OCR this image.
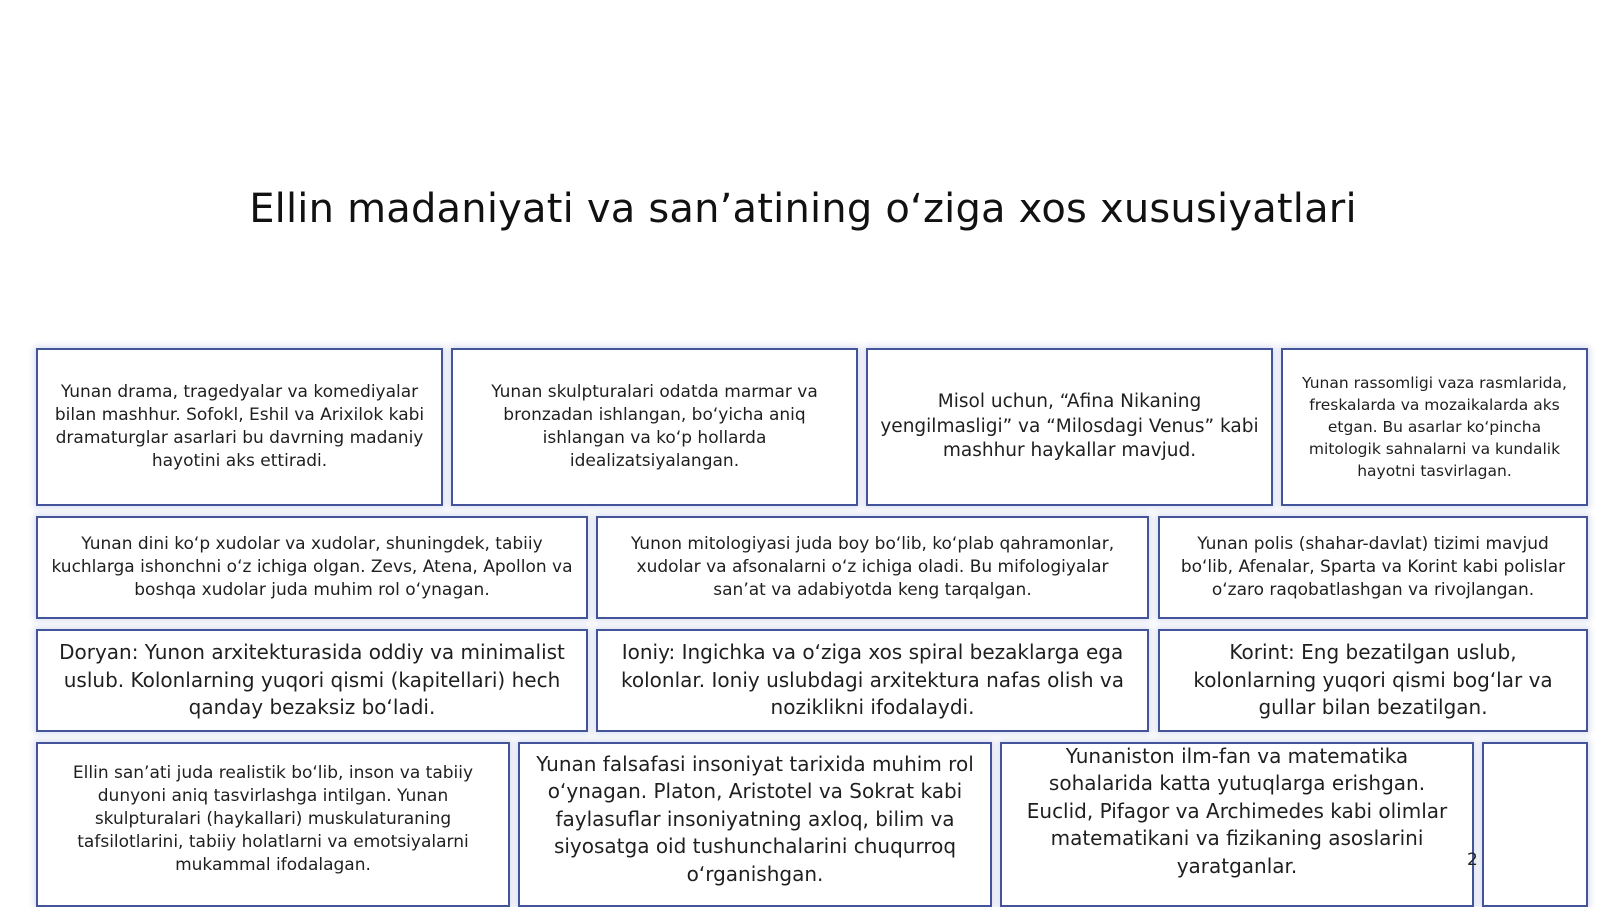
Ellin madaniyati va san’atining oʻziga xos xususiyatlari
Yunan drama, tragedyalar va komediyalar bilan mashhur. Sofokl, Eshil va Arixilok kabi dramaturglar asarlari bu davrning madaniy hayotini aks ettiradi.
Yunan skulpturalari odatda marmar va bronzadan ishlangan, boʻyicha aniq ishlangan va koʻp hollarda idealizatsiyalangan.
Misol uchun, “Afina Nikaning yengilmasligi” va “Milosdagi Venus” kabi mashhur haykallar mavjud.
Yunan rassomligi vaza rasmlarida, freskalarda va mozaikalarda aks etgan. Bu asarlar koʻpincha mitologik sahnalarni va kundalik hayotni tasvirlagan.
Yunan dini koʻp xudolar va xudolar, shuningdek, tabiiy kuchlarga ishonchni oʻz ichiga olgan. Zevs, Atena, Apollon va boshqa xudolar juda muhim rol oʻynagan.
Yunon mitologiyasi juda boy boʻlib, koʻplab qahramonlar, xudolar va afsonalarni oʻz ichiga oladi. Bu mifologiyalar san’at va adabiyotda keng tarqalgan.
Yunan polis (shahar-davlat) tizimi mavjud boʻlib, Afenalar, Sparta va Korint kabi polislar oʻzaro raqobatlashgan va rivojlangan.
Doryan: Yunon arxitekturasida oddiy va minimalist uslub. Kolonlarning yuqori qismi (kapitellari) hech qanday bezaksiz boʻladi.
Ioniy: Ingichka va oʻziga xos spiral bezaklarga ega kolonlar. Ioniy uslubdagi arxitektura nafas olish va noziklikni ifodalaydi.
Korint: Eng bezatilgan uslub, kolonlarning yuqori qismi bogʻlar va gullar bilan bezatilgan.
Ellin san’ati juda realistik boʻlib, inson va tabiiy dunyoni aniq tasvirlashga intilgan. Yunan skulpturalari (haykallari) muskulaturaning tafsilotlarini, tabiiy holatlarni va emotsiyalarni mukammal ifodalagan.
Yunan falsafasi insoniyat tarixida muhim rol oʻynagan. Platon, Aristotel va Sokrat kabi faylasuflar insoniyatning axloq, bilim va siyosatga oid tushunchalarini chuqurroq oʻrganishgan.
Yunaniston ilm-fan va matematika sohalarida katta yutuqlarga erishgan. Euclid, Pifagor va Archimedes kabi olimlar matematikani va fizikaning asoslarini yaratganlar.	2
